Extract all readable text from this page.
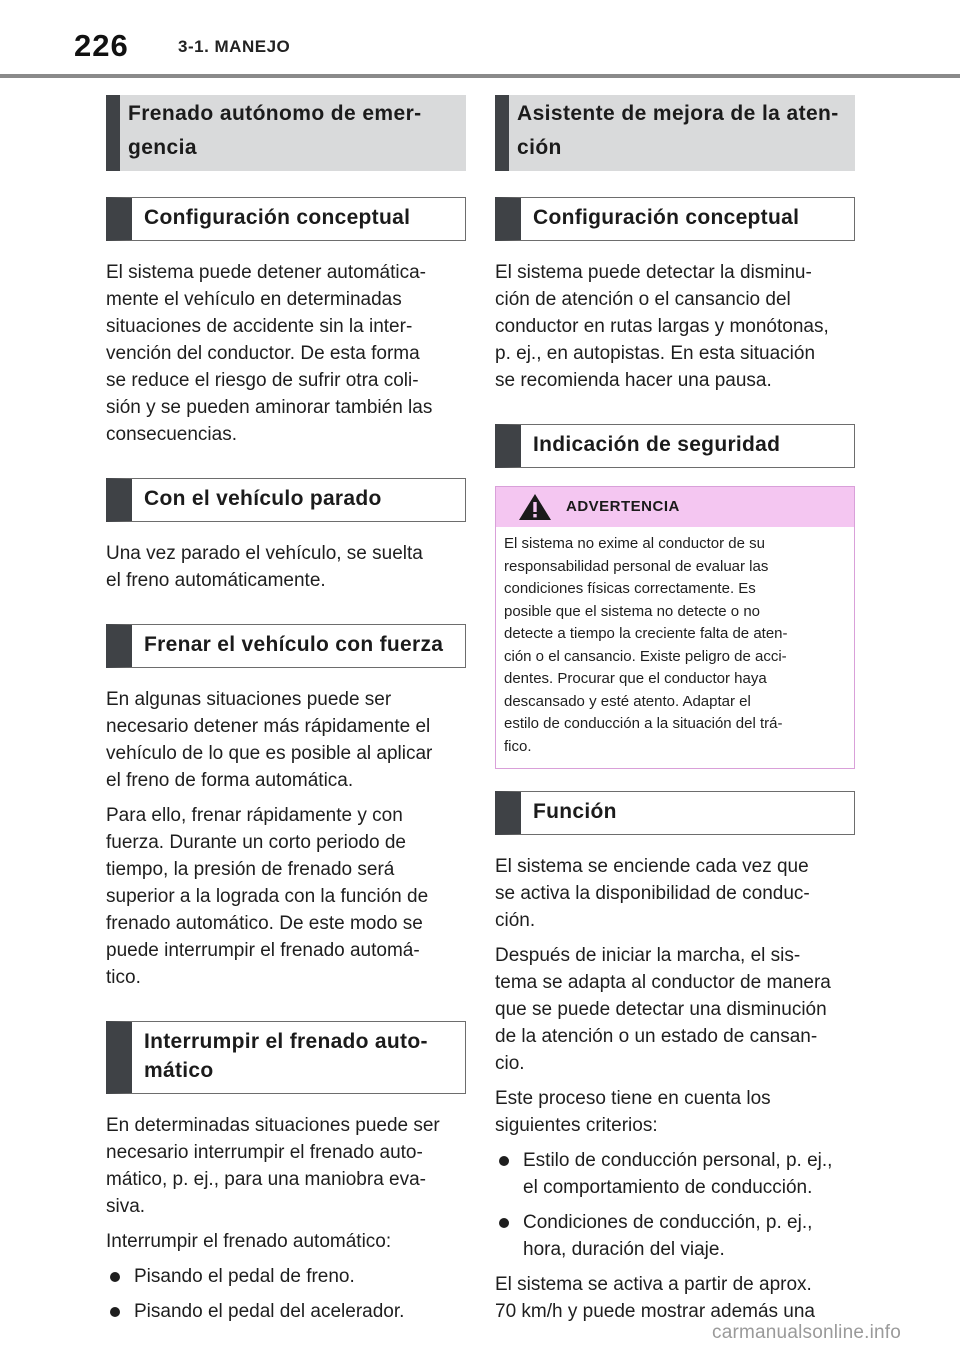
226	3-1. MANEJO
Frenado autónomo de emer-
gencia
Configuración conceptual

El sistema puede detener automática-
mente el vehículo en determinadas
situaciones de accidente sin la inter-
vención del conductor. De esta forma
se reduce el riesgo de sufrir otra coli-
sión y se pueden aminorar también las
consecuencias.

Con el vehículo parado

Una vez parado el vehículo, se suelta
el freno automáticamente.

Frenar el vehículo con fuerza

En algunas situaciones puede ser
necesario detener más rápidamente el
vehículo de lo que es posible al aplicar
el freno de forma automática.

Para ello, frenar rápidamente y con
fuerza. Durante un corto periodo de
tiempo, la presión de frenado será
superior a la lograda con la función de
frenado automático. De este modo se
puede interrumpir el frenado automá-
tico.

Interrumpir el frenado auto-
mático

En determinadas situaciones puede ser
necesario interrumpir el frenado auto-
mático, p. ej., para una maniobra eva-
siva.

Interrumpir el frenado automático:

Pisando el pedal de freno.
Pisando el pedal del acelerador.
Asistente de mejora de la aten-
ción
Configuración conceptual

El sistema puede detectar la disminu-
ción de atención o el cansancio del
conductor en rutas largas y monótonas,
p. ej., en autopistas. En esta situación
se recomienda hacer una pausa.

Indicación de seguridad
ADVERTENCIA
El sistema no exime al conductor de su
responsabilidad personal de evaluar las
condiciones físicas correctamente. Es
posible que el sistema no detecte o no
detecte a tiempo la creciente falta de aten-
ción o el cansancio. Existe peligro de acci-
dentes. Procurar que el conductor haya
descansado y esté atento. Adaptar el
estilo de conducción a la situación del trá-
fico.
Función

El sistema se enciende cada vez que
se activa la disponibilidad de conduc-
ción.

Después de iniciar la marcha, el sis-
tema se adapta al conductor de manera
que se puede detectar una disminución
de la atención o un estado de cansan-
cio.

Este proceso tiene en cuenta los
siguientes criterios:

Estilo de conducción personal, p. ej.,
el comportamiento de conducción.
Condiciones de conducción, p. ej.,
hora, duración del viaje.

El sistema se activa a partir de aprox.
70 km/h y puede mostrar además una

carmanualsonline.info
